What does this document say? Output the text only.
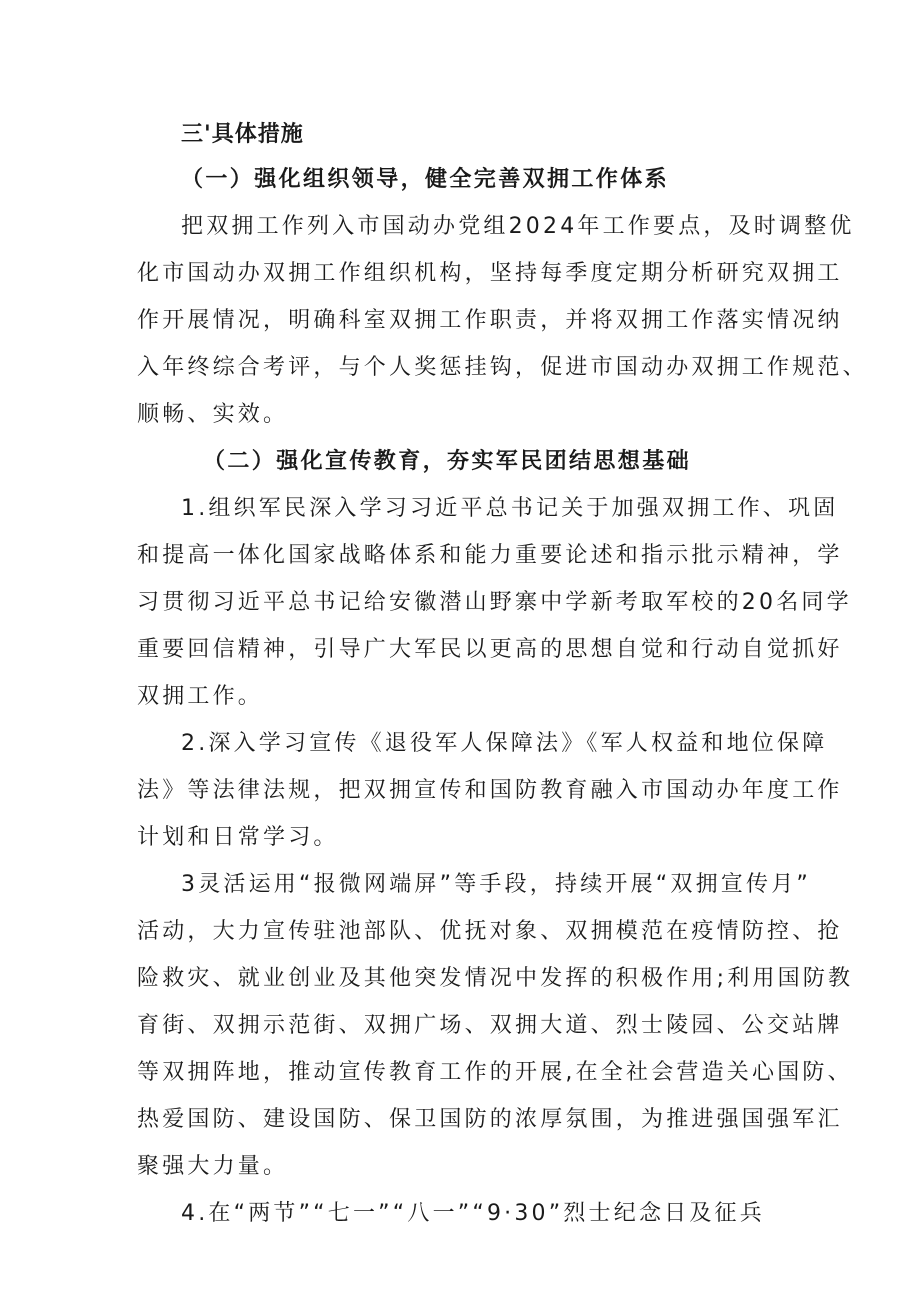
三'具体措施

（一）强化组织领导，健全完善双拥工作体系

把双拥工作列入市国动办党组2024年工作要点，及时调整优

化市国动办双拥工作组织机构，坚持每季度定期分析研究双拥工

作开展情况，明确科室双拥工作职责，并将双拥工作落实情况纳

入年终综合考评，与个人奖惩挂钩，促进市国动办双拥工作规范、

顺畅、实效。

（二）强化宣传教育，夯实军民团结思想基础

1.组织军民深入学习习近平总书记关于加强双拥工作、巩固

和提高一体化国家战略体系和能力重要论述和指示批示精神，学

习贯彻习近平总书记给安徽潜山野寨中学新考取军校的20名同学

重要回信精神，引导广大军民以更高的思想自觉和行动自觉抓好

双拥工作。

2.深入学习宣传《退役军人保障法》《军人权益和地位保障

法》等法律法规，把双拥宣传和国防教育融入市国动办年度工作

计划和日常学习。

3灵活运用“报微网端屏”等手段，持续开展“双拥宣传月”

活动，大力宣传驻池部队、优抚对象、双拥模范在疫情防控、抢

险救灾、就业创业及其他突发情况中发挥的积极作用;利用国防教

育街、双拥示范街、双拥广场、双拥大道、烈士陵园、公交站牌

等双拥阵地，推动宣传教育工作的开展,在全社会营造关心国防、

热爱国防、建设国防、保卫国防的浓厚氛围，为推进强国强军汇

聚强大力量。

4.在“两节”“七一”“八一”“9·30”烈士纪念日及征兵
